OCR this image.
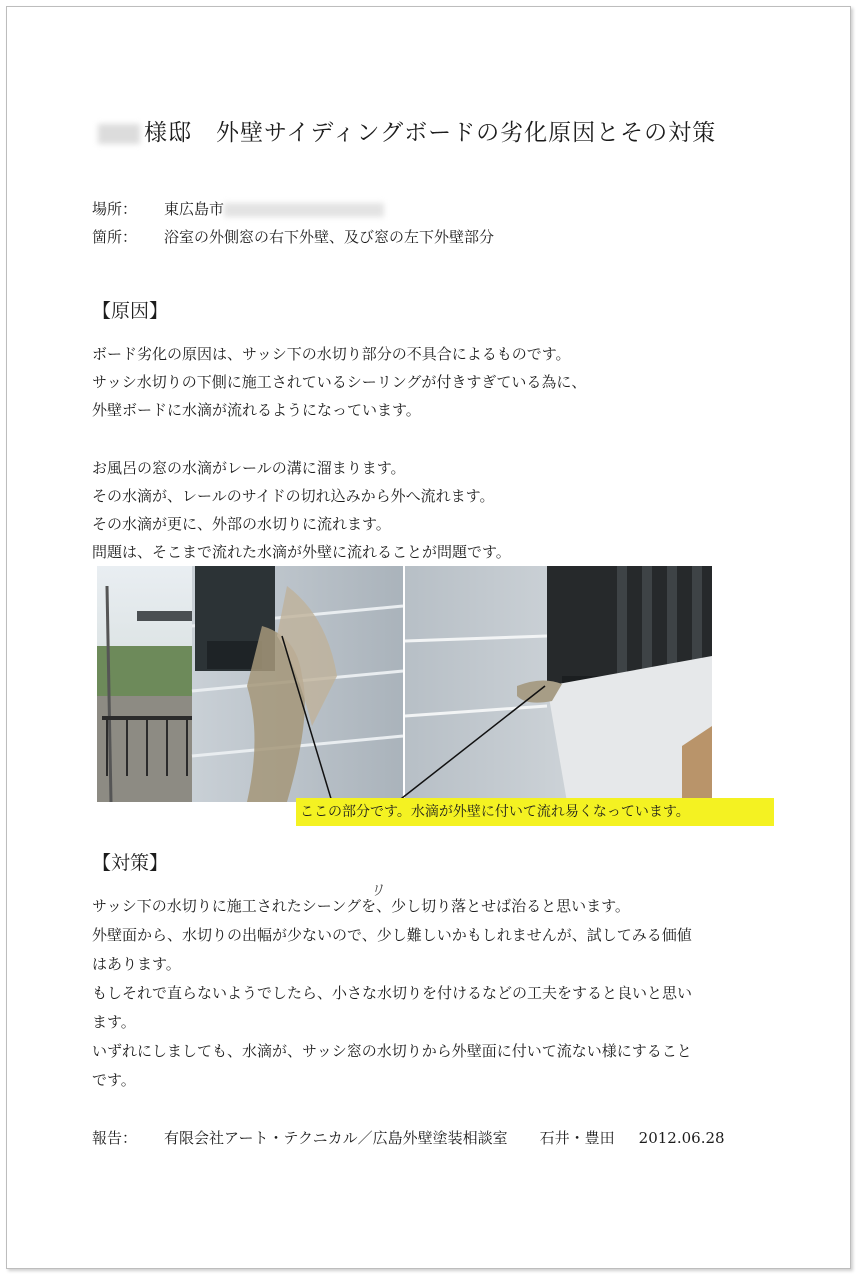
様邸　外壁サイディングボードの劣化原因とその対策
場所： 東広島市
箇所： 浴室の外側窓の右下外壁、及び窓の左下外壁部分
【原因】

ボード劣化の原因は、サッシ下の水切り部分の不具合によるものです。

サッシ水切りの下側に施工されているシーリングが付きすぎている為に、

外壁ボードに水滴が流れるようになっています。

お風呂の窓の水滴がレールの溝に溜まります。

その水滴が、レールのサイドの切れ込みから外へ流れます。

その水滴が更に、外部の水切りに流れます。

問題は、そこまで流れた水滴が外壁に流れることが問題です。

ここの部分です。水滴が外壁に付いて流れ易くなっています。
【対策】
リ

サッシ下の水切りに施工されたシーングを、少し切り落とせば治ると思います。

外壁面から、水切りの出幅が少ないので、少し難しいかもしれませんが、試してみる価値

はあります。

もしそれで直らないようでしたら、小さな水切りを付けるなどの工夫をすると良いと思い

ます。

いずれにしましても、水滴が、サッシ窓の水切りから外壁面に付いて流ない様にすること

です。

報告： 有限会社アート・テクニカル／広島外壁塗装相談室 石井・豊田 2012.06.28
